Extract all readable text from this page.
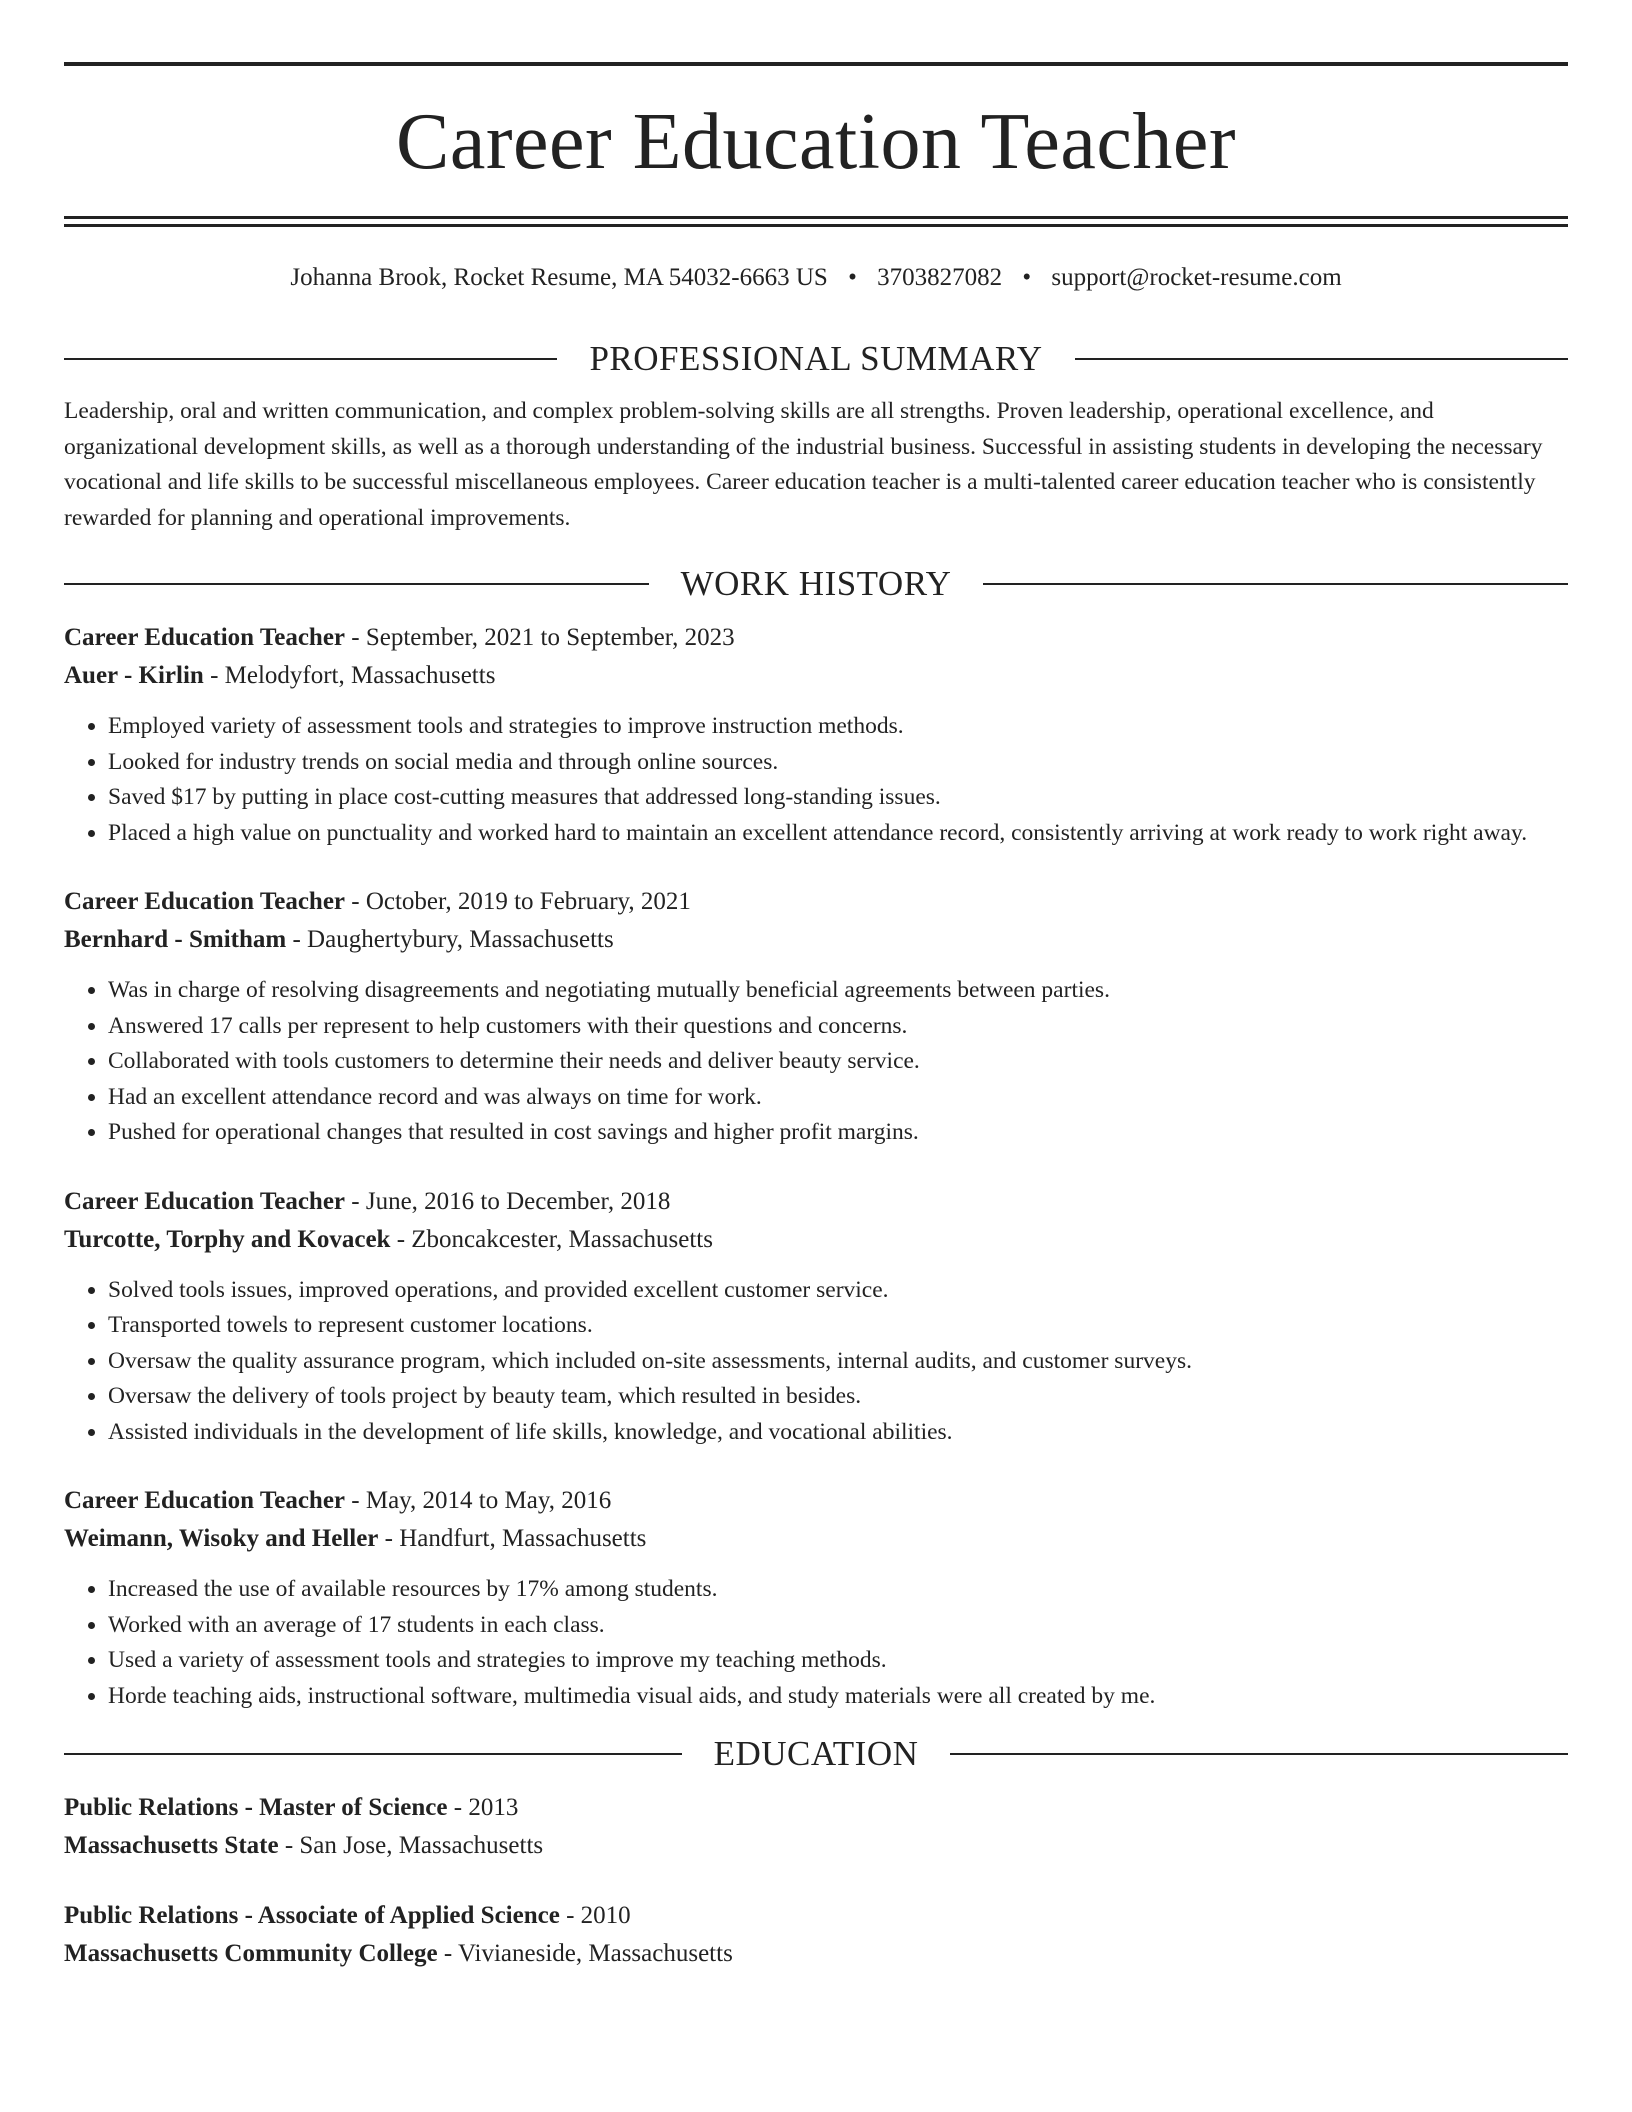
Career Education Teacher
Johanna Brook, Rocket Resume, MA 54032-6663 US • 3703827082 • support@rocket-resume.com
PROFESSIONAL SUMMARY

Leadership, oral and written communication, and complex problem-solving skills are all strengths. Proven leadership, operational excellence, and organizational development skills, as well as a thorough understanding of the industrial business. Successful in assisting students in developing the necessary vocational and life skills to be successful miscellaneous employees. Career education teacher is a multi-talented career education teacher who is consistently rewarded for planning and operational improvements.

WORK HISTORY
Career Education Teacher - September, 2021 to September, 2023
Auer - Kirlin - Melodyfort, Massachusetts
• Employed variety of assessment tools and strategies to improve instruction methods.
• Looked for industry trends on social media and through online sources.
• Saved $17 by putting in place cost-cutting measures that addressed long-standing issues.
• Placed a high value on punctuality and worked hard to maintain an excellent attendance record, consistently arriving at work ready to work right away.
Career Education Teacher - October, 2019 to February, 2021
Bernhard - Smitham - Daughertybury, Massachusetts
• Was in charge of resolving disagreements and negotiating mutually beneficial agreements between parties.
• Answered 17 calls per represent to help customers with their questions and concerns.
• Collaborated with tools customers to determine their needs and deliver beauty service.
• Had an excellent attendance record and was always on time for work.
• Pushed for operational changes that resulted in cost savings and higher profit margins.
Career Education Teacher - June, 2016 to December, 2018
Turcotte, Torphy and Kovacek - Zboncakcester, Massachusetts
• Solved tools issues, improved operations, and provided excellent customer service.
• Transported towels to represent customer locations.
• Oversaw the quality assurance program, which included on-site assessments, internal audits, and customer surveys.
• Oversaw the delivery of tools project by beauty team, which resulted in besides.
• Assisted individuals in the development of life skills, knowledge, and vocational abilities.
Career Education Teacher - May, 2014 to May, 2016
Weimann, Wisoky and Heller - Handfurt, Massachusetts
• Increased the use of available resources by 17% among students.
• Worked with an average of 17 students in each class.
• Used a variety of assessment tools and strategies to improve my teaching methods.
• Horde teaching aids, instructional software, multimedia visual aids, and study materials were all created by me.
EDUCATION
Public Relations - Master of Science - 2013
Massachusetts State - San Jose, Massachusetts
Public Relations - Associate of Applied Science - 2010
Massachusetts Community College - Vivianeside, Massachusetts
